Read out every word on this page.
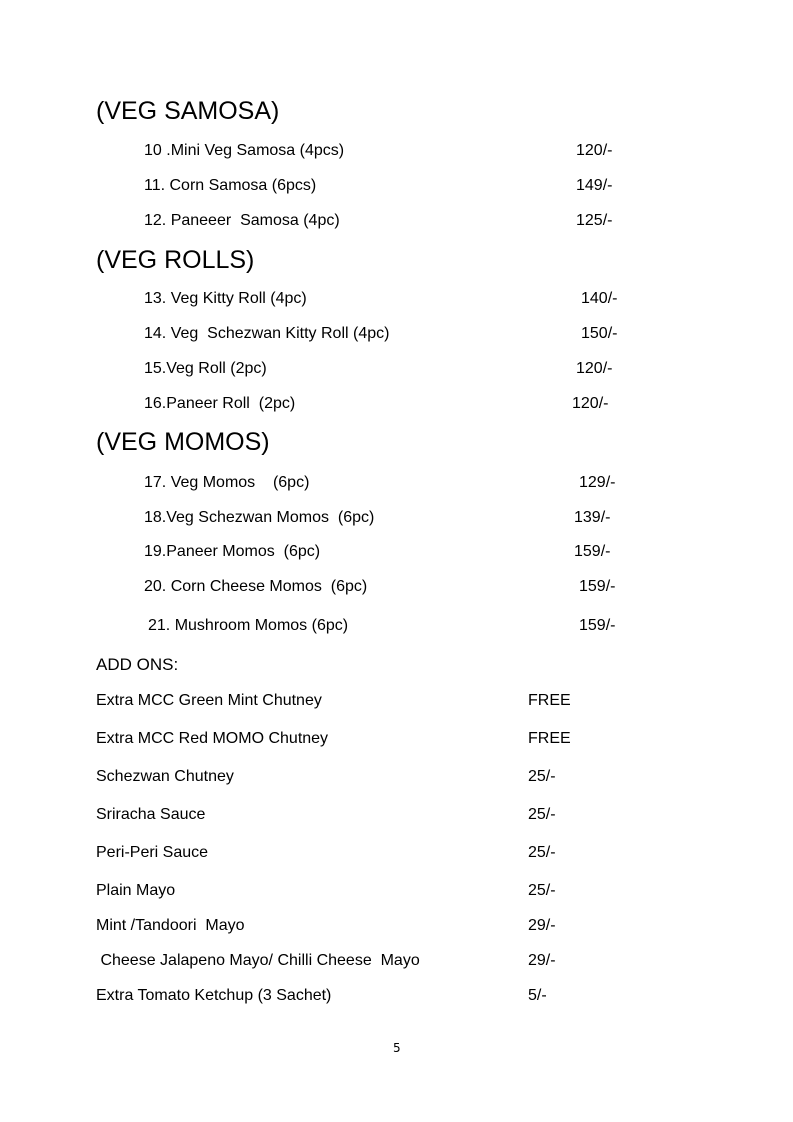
(VEG SAMOSA)
10 .Mini Veg Samosa (4pcs)	120/-
11. Corn Samosa (6pcs)	149/-
12. Paneeer  Samosa (4pc)	125/-
(VEG ROLLS)
13. Veg Kitty Roll (4pc)	140/-
14. Veg  Schezwan Kitty Roll (4pc)	150/-
15.Veg Roll (2pc)	120/-
16.Paneer Roll  (2pc)	120/-
(VEG MOMOS)
17. Veg Momos    (6pc)	129/-
18.Veg Schezwan Momos  (6pc)	139/-
19.Paneer Momos  (6pc)	159/-
20. Corn Cheese Momos  (6pc)	159/-
21. Mushroom Momos (6pc)	159/-
ADD ONS:
Extra MCC Green Mint Chutney	FREE
Extra MCC Red MOMO Chutney	FREE
Schezwan Chutney	25/-
Sriracha Sauce	25/-
Peri-Peri Sauce	25/-
Plain Mayo	25/-
Mint /Tandoori  Mayo	29/-
Cheese Jalapeno Mayo/ Chilli Cheese  Mayo	29/-
Extra Tomato Ketchup (3 Sachet)	5/-
5
